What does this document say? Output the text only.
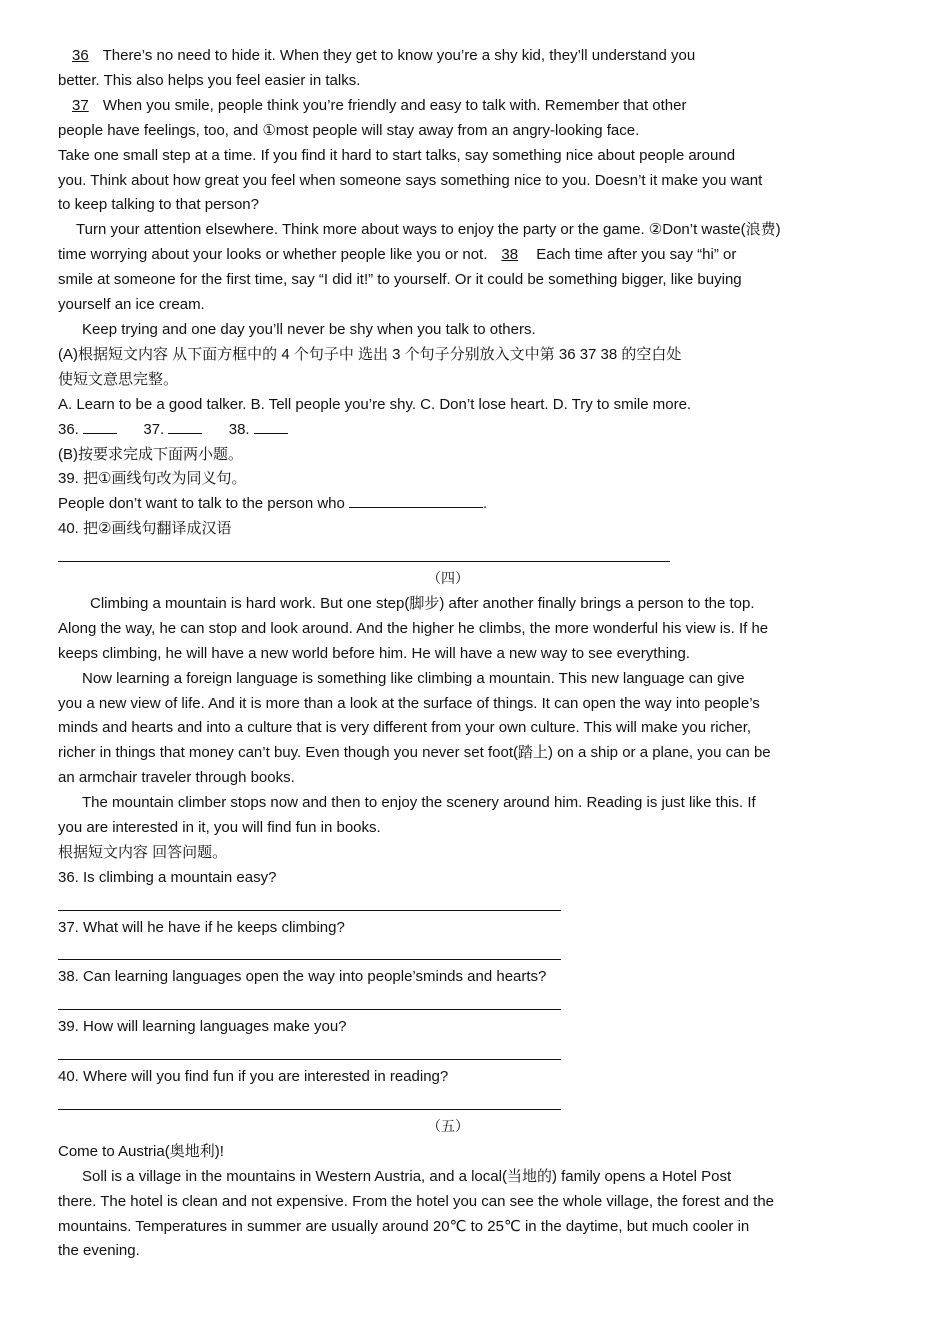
36 There’s no need to hide it. When they get to know you’re a shy kid, they’ll understand you
better. This also helps you feel easier in talks.
37 When you smile, people think you’re friendly and easy to talk with. Remember that other
people have feelings, too, and ①most people will stay away from an angry-looking face.
Take one small step at a time. If you find it hard to start talks, say something nice about people around
you. Think about how great you feel when someone says something nice to you. Doesn’t it make you want
to keep talking to that person?
Turn your attention elsewhere. Think more about ways to enjoy the party or the game. ②Don’t waste(浪费)
time worrying about your looks or whether people like you or not. 38 Each time after you say “hi” or
smile at someone for the first time, say “I did it!” to yourself. Or it could be something bigger, like buying
yourself an ice cream.
Keep trying and one day you’ll never be shy when you talk to others.
(A)根据短文内容 从下面方框中的 4 个句子中 选出 3 个句子分别放入文中第 36 37 38 的空白处
使短文意思完整。
A. Learn to be a good talker. B. Tell people you’re shy. C. Don’t lose heart. D. Try to smile more.
36.	37.	38.
(B)按要求完成下面两小题。
39. 把①画线句改为同义句。
People don’t want to talk to the person who	.
40. 把②画线句翻译成汉语
（四）
Climbing a mountain is hard work. But one step(脚步) after another finally brings a person to the top.
Along the way, he can stop and look around. And the higher he climbs, the more wonderful his view is. If he
keeps climbing, he will have a new world before him. He will have a new way to see everything.
Now learning a foreign language is something like climbing a mountain. This new language can give
you a new view of life. And it is more than a look at the surface of things. It can open the way into people’s
minds and hearts and into a culture that is very different from your own culture. This will make you richer,
richer in things that money can’t buy. Even though you never set foot(踏上) on a ship or a plane, you can be
an armchair traveler through books.
The mountain climber stops now and then to enjoy the scenery around him. Reading is just like this. If
you are interested in it, you will find fun in books.
根据短文内容 回答问题。
36. Is climbing a mountain easy?
37. What will he have if he keeps climbing?
38. Can learning languages open the way into people’sminds and hearts?
39. How will learning languages make you?
40. Where will you find fun if you are interested in reading?
（五）
Come to Austria(奥地利)!
Soll is a village in the mountains in Western Austria, and a local(当地的) family opens a Hotel Post
there. The hotel is clean and not expensive. From the hotel you can see the whole village, the forest and the
mountains. Temperatures in summer are usually around 20℃ to 25℃ in the daytime, but much cooler in
the evening.
